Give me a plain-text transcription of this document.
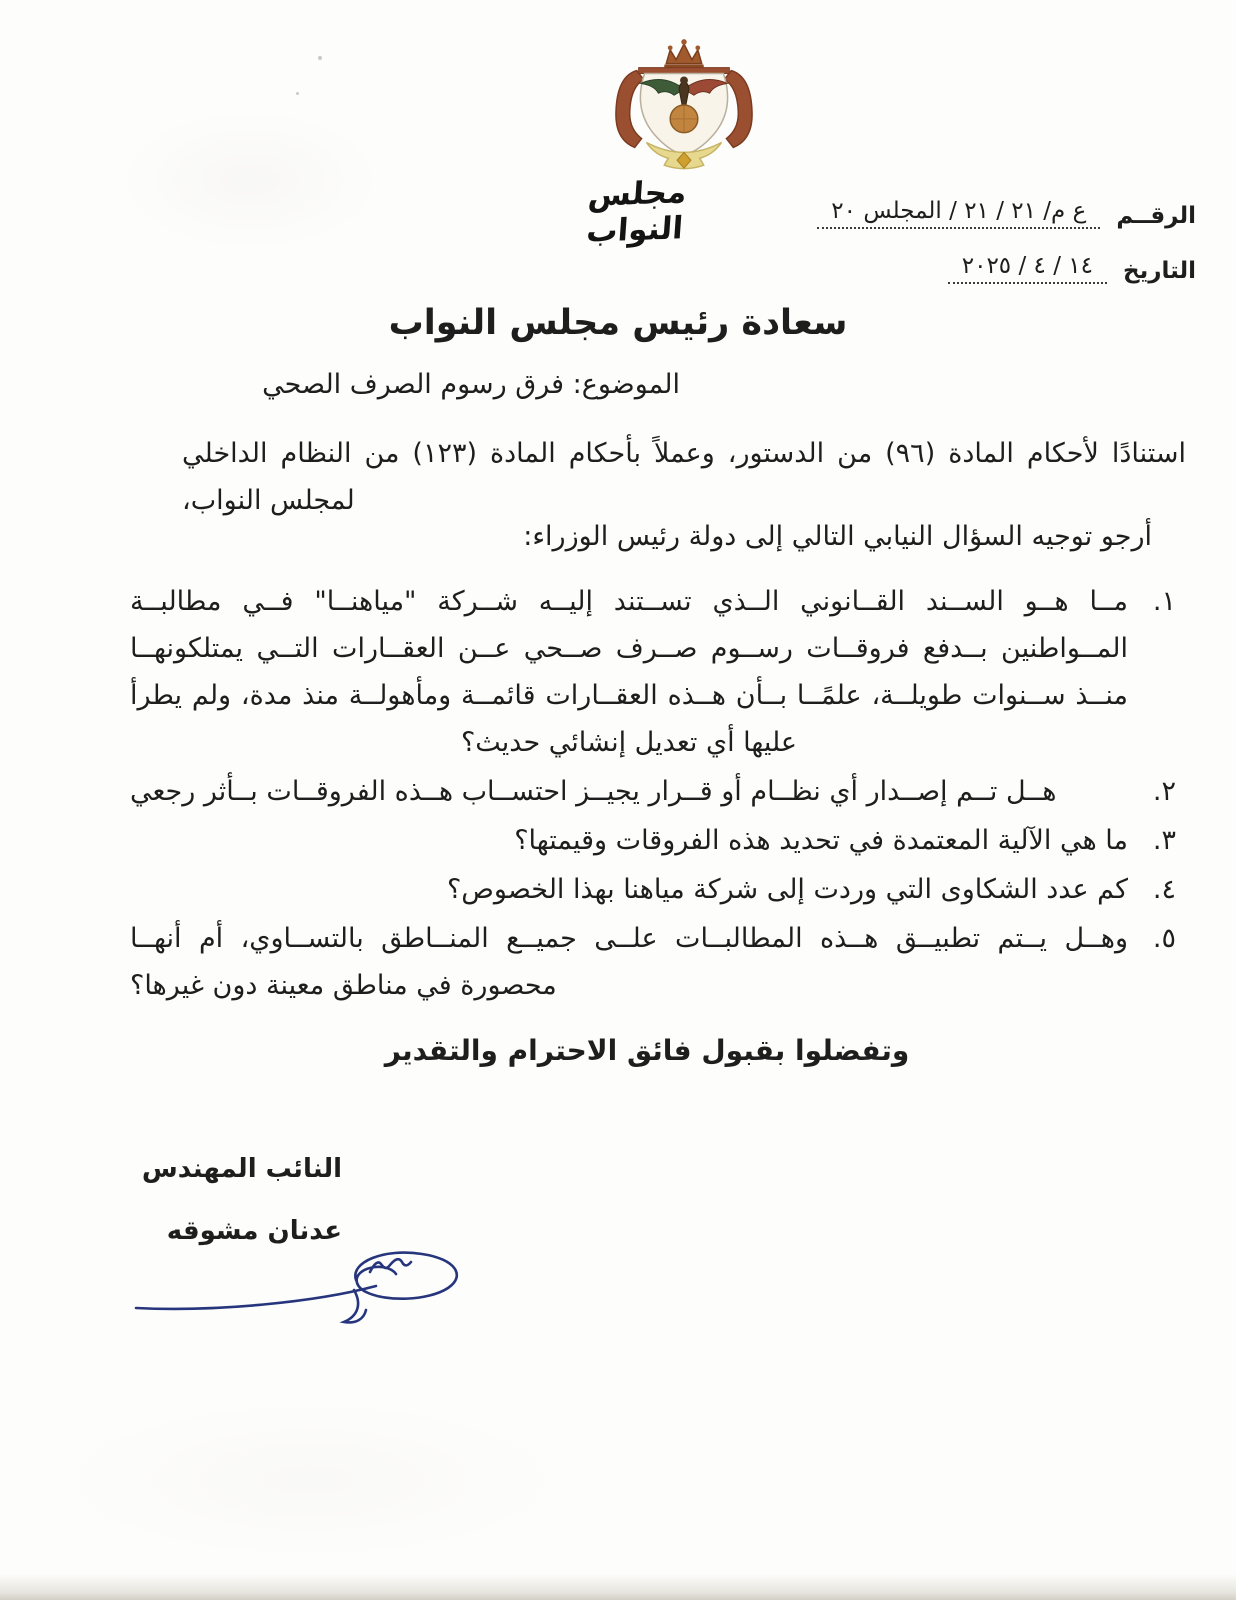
مجلس النواب	الرقــم
ع م/ ٢١ / ٢١ / المجلس ٢٠
التاريخ
١٤ / ٤ / ٢٠٢٥
سعادة رئيس مجلس النواب
الموضوع: فرق رسوم الصرف الصحي
استنادًا لأحكام المادة (٩٦) من الدستور، وعملاً بأحكام المادة (١٢٣) من النظام الداخلي لمجلس النواب،
أرجو توجيه السؤال النيابي التالي إلى دولة رئيس الوزراء:
١.
مــا هــو الســند القــانوني الــذي تســتند إليــه شــركة "مياهنــا" فــي مطالبــة المــواطنين بــدفع فروقــات رســوم صــرف صــحي عــن العقــارات التــي يمتلكونهــا منــذ ســنوات طويلــة، علمًــا بــأن هــذه العقــارات قائمــة ومأهولــة منذ مدة، ولم يطرأ عليها أي تعديل إنشائي حديث؟
٢.
هــل تــم إصــدار أي نظــام أو قــرار يجيــز احتســاب هــذه الفروقــات بــأثر رجعي
٣.
ما هي الآلية المعتمدة في تحديد هذه الفروقات وقيمتها؟
٤.
كم عدد الشكاوى التي وردت إلى شركة مياهنا بهذا الخصوص؟
٥.
وهــل يــتم تطبيــق هــذه المطالبــات علــى جميــع المنــاطق بالتســاوي، أم أنهــا محصورة في مناطق معينة دون غيرها؟
وتفضلوا بقبول فائق الاحترام والتقدير
النائب المهندس
عدنان مشوقه
